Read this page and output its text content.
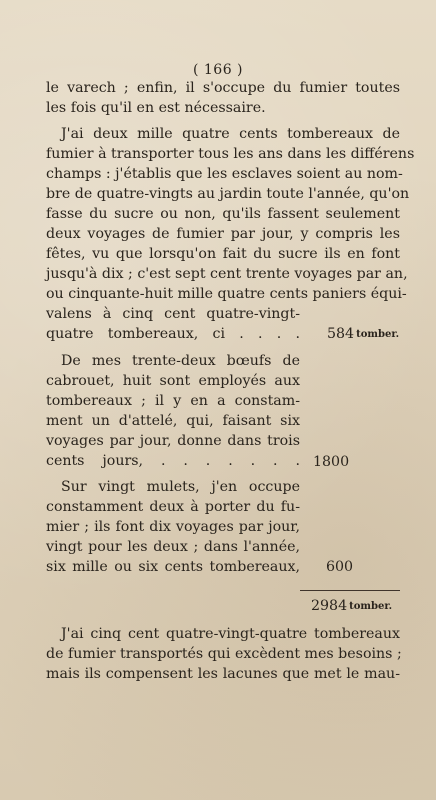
( 166 )
le varech ; enfin, il s'occupe du fumier toutes
les fois qu'il en est nécessaire.
J'ai deux mille quatre cents tombereaux de
fumier à transporter tous les ans dans les différens
champs : j'établis que les esclaves soient au nom-
bre de quatre-vingts au jardin toute l'année, qu'on
fasse du sucre ou non, qu'ils fassent seulement
deux voyages de fumier par jour, y compris les
fêtes, vu que lorsqu'on fait du sucre ils en font
jusqu'à dix ; c'est sept cent trente voyages par an,
ou cinquante-huit mille quatre cents paniers équi-
valens à cinq cent quatre-vingt-
quatre tombereaux, ci . . . . 584 tomber.
De mes trente-deux bœufs de
cabrouet, huit sont employés aux
tombereaux ; il y en a constam-
ment un d'attelé, qui, faisant six
voyages par jour, donne dans trois
cents jours, . . . . . . . 1800
Sur vingt mulets, j'en occupe
constamment deux à porter du fu-
mier ; ils font dix voyages par jour,
vingt pour les deux ; dans l'année,
six mille ou six cents tombereaux, 600
2984 tomber.
J'ai cinq cent quatre-vingt-quatre tombereaux
de fumier transportés qui excèdent mes besoins ;
mais ils compensent les lacunes que met le mau-
